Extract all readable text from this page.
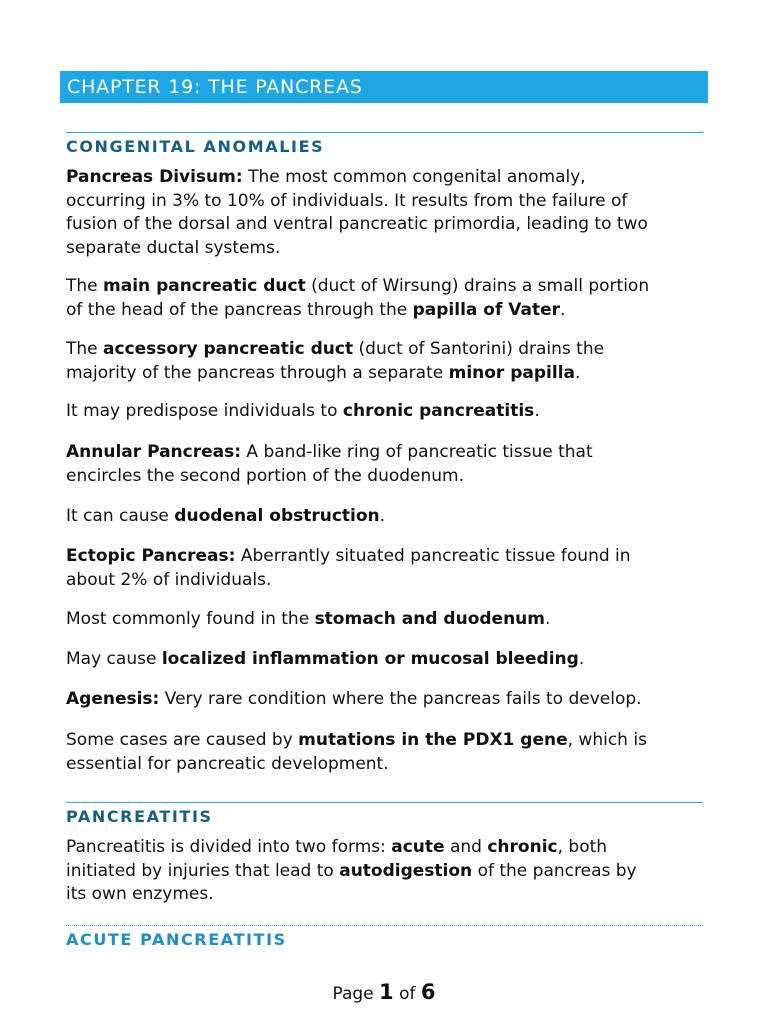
CHAPTER 19: THE PANCREAS
CONGENITAL ANOMALIES
Pancreas Divisum: The most common congenital anomaly,
occurring in 3% to 10% of individuals. It results from the failure of
fusion of the dorsal and ventral pancreatic primordia, leading to two
separate ductal systems.
The main pancreatic duct (duct of Wirsung) drains a small portion
of the head of the pancreas through the papilla of Vater.
The accessory pancreatic duct (duct of Santorini) drains the
majority of the pancreas through a separate minor papilla.
It may predispose individuals to chronic pancreatitis.
Annular Pancreas: A band-like ring of pancreatic tissue that
encircles the second portion of the duodenum.
It can cause duodenal obstruction.
Ectopic Pancreas: Aberrantly situated pancreatic tissue found in
about 2% of individuals.
Most commonly found in the stomach and duodenum.
May cause localized inflammation or mucosal bleeding.
Agenesis: Very rare condition where the pancreas fails to develop.
Some cases are caused by mutations in the PDX1 gene, which is
essential for pancreatic development.
PANCREATITIS
Pancreatitis is divided into two forms: acute and chronic, both
initiated by injuries that lead to autodigestion of the pancreas by
its own enzymes.
ACUTE PANCREATITIS
Page 1 of 6
